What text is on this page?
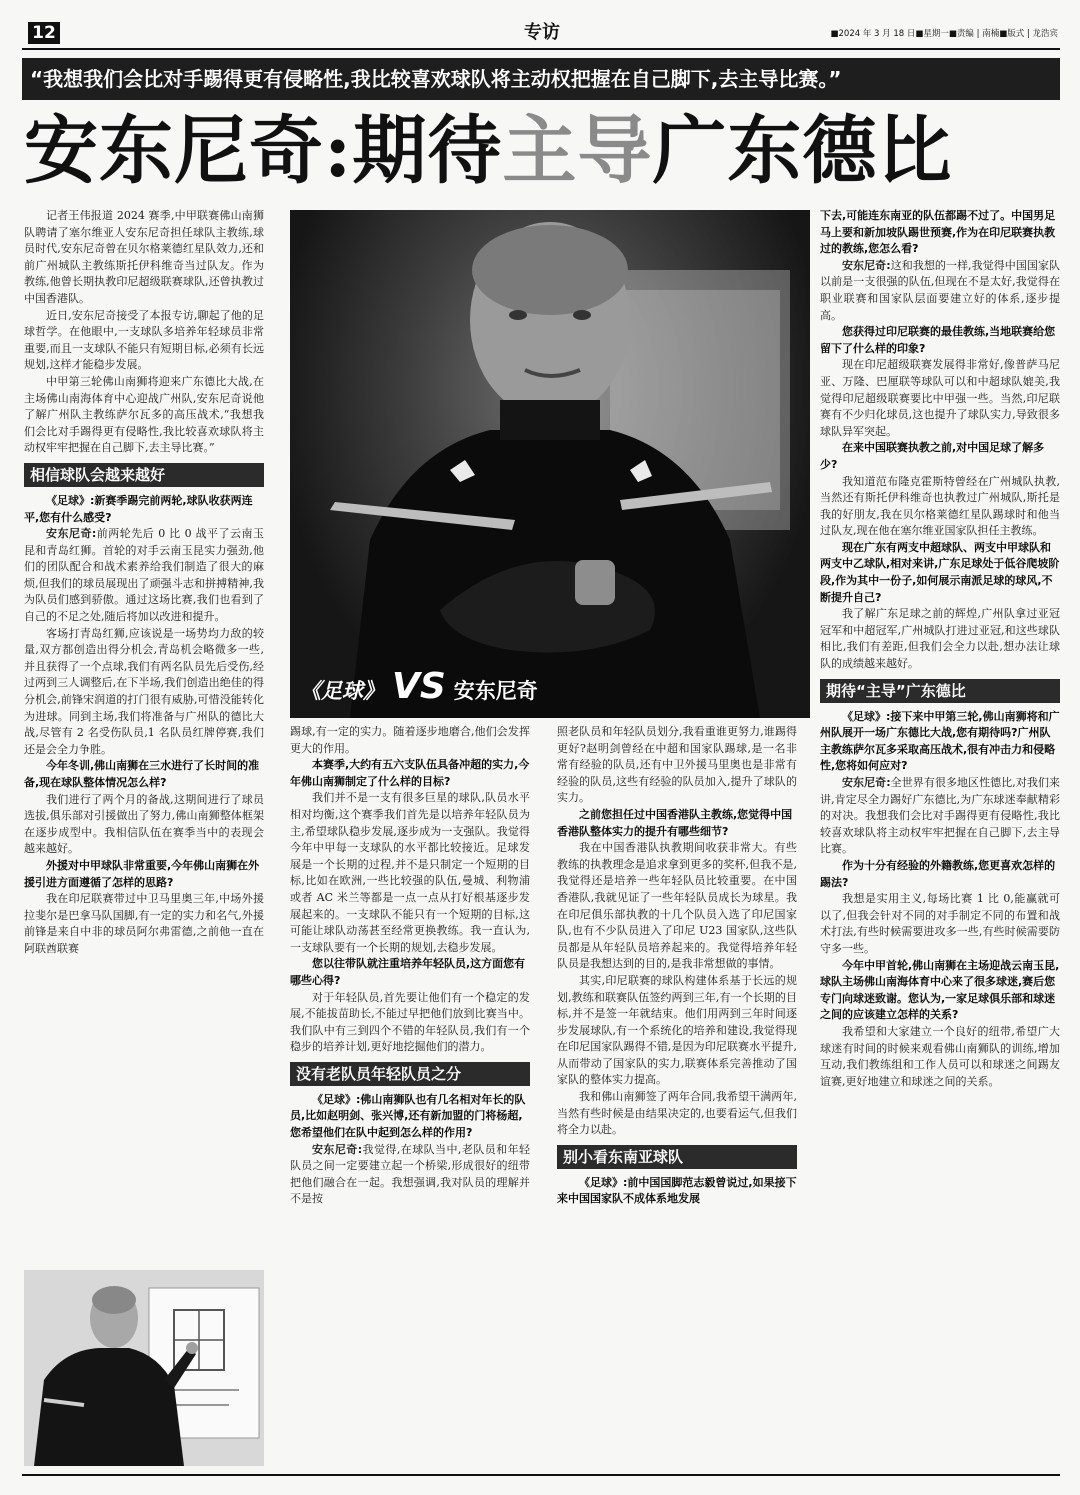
12	专访	■2024 年 3 月 18 日■星期一■责编 | 南楠■版式 | 龙浩宾
“我想我们会比对手踢得更有侵略性,我比较喜欢球队将主动权把握在自己脚下,去主导比赛。”
安东尼奇:期待主导广东德比
《足球》 VS 安东尼奇

记者王伟报道 2024 赛季,中甲联赛佛山南狮队聘请了塞尔维亚人安东尼奇担任球队主教练,球员时代,安东尼奇曾在贝尔格莱德红星队效力,还和前广州城队主教练斯托伊科维奇当过队友。作为教练,他曾长期执教印尼超级联赛球队,还曾执教过中国香港队。

近日,安东尼奇接受了本报专访,聊起了他的足球哲学。在他眼中,一支球队多培养年轻球员非常重要,而且一支球队不能只有短期目标,必须有长远规划,这样才能稳步发展。

中甲第三轮佛山南狮将迎来广东德比大战,在主场佛山南海体育中心迎战广州队,安东尼奇说他了解广州队主教练萨尔瓦多的高压战术,“我想我们会比对手踢得更有侵略性,我比较喜欢球队将主动权牢牢把握在自己脚下,去主导比赛。”

相信球队会越来越好

《足球》:新赛季踢完前两轮,球队收获两连平,您有什么感受?

安东尼奇:前两轮先后 0 比 0 战平了云南玉昆和青岛红狮。首轮的对手云南玉昆实力强劲,他们的团队配合和战术素养给我们制造了很大的麻烦,但我们的球员展现出了顽强斗志和拼搏精神,我为队员们感到骄傲。通过这场比赛,我们也看到了自己的不足之处,随后将加以改进和提升。

客场打青岛红狮,应该说是一场势均力敌的较量,双方都创造出得分机会,青岛机会略微多一些,并且获得了一个点球,我们有两名队员先后受伤,经过两到三人调整后,在下半场,我们创造出绝佳的得分机会,前锋宋润道的打门很有威胁,可惜没能转化为进球。同到主场,我们将准备与广州队的德比大战,尽管有 2 名受伤队员,1 名队员红牌停赛,我们还是会全力争胜。

今年冬训,佛山南狮在三水进行了长时间的准备,现在球队整体情况怎么样?

我们进行了两个月的备战,这期间进行了球员选拔,俱乐部对引援做出了努力,佛山南狮整体框架在逐步成型中。我相信队伍在赛季当中的表现会越来越好。

外援对中甲球队非常重要,今年佛山南狮在外援引进方面遵循了怎样的思路?

我在印尼联赛带过中卫马里奥三年,中场外援拉斐尔是巴拿马队国脚,有一定的实力和名气,外援前锋是来自中非的球员阿尔弗雷德,之前他一直在阿联酋联赛

踢球,有一定的实力。随着逐步地磨合,他们会发挥更大的作用。

本赛季,大约有五六支队伍具备冲超的实力,今年佛山南狮制定了什么样的目标?

我们并不是一支有很多巨星的球队,队员水平相对均衡,这个赛季我们首先是以培养年轻队员为主,希望球队稳步发展,逐步成为一支强队。我觉得今年中甲每一支球队的水平都比较接近。足球发展是一个长期的过程,并不是只制定一个短期的目标,比如在欧洲,一些比较强的队伍,曼城、利物浦或者 AC 米兰等都是一点一点从打好根基逐步发展起来的。一支球队不能只有一个短期的目标,这可能让球队动荡甚至经常更换教练。我一直认为,一支球队要有一个长期的规划,去稳步发展。

您以往带队就注重培养年轻队员,这方面您有哪些心得?

对于年轻队员,首先要让他们有一个稳定的发展,不能拔苗助长,不能过早把他们放到比赛当中。我们队中有三到四个不错的年轻队员,我们有一个稳步的培养计划,更好地挖掘他们的潜力。

没有老队员年轻队员之分

《足球》:佛山南狮队也有几名相对年长的队员,比如赵明剑、张兴博,还有新加盟的门将杨超,您希望他们在队中起到怎么样的作用?

安东尼奇:我觉得,在球队当中,老队员和年轻队员之间一定要建立起一个桥梁,形成很好的纽带把他们融合在一起。我想强调,我对队员的理解并不是按

照老队员和年轻队员划分,我看重谁更努力,谁踢得更好?赵明剑曾经在中超和国家队踢球,是一名非常有经验的队员,还有中卫外援马里奥也是非常有经验的队员,这些有经验的队员加入,提升了球队的实力。

之前您担任过中国香港队主教练,您觉得中国香港队整体实力的提升有哪些细节?

我在中国香港队执教期间收获非常大。有些教练的执教理念是追求拿到更多的奖杯,但我不是,我觉得还是培养一些年轻队员比较重要。在中国香港队,我就见证了一些年轻队员成长为球星。我在印尼俱乐部执教的十几个队员入选了印尼国家队,也有不少队员进入了印尼 U23 国家队,这些队员都是从年轻队员培养起来的。我觉得培养年轻队员是我想达到的目的,是我非常想做的事情。

其实,印尼联赛的球队构建体系基于长远的规划,教练和联赛队伍签约两到三年,有一个长期的目标,并不是签一年就结束。他们用两到三年时间逐步发展球队,有一个系统化的培养和建设,我觉得现在印尼国家队踢得不错,是因为印尼联赛水平提升,从而带动了国家队的实力,联赛体系完善推动了国家队的整体实力提高。

我和佛山南狮签了两年合同,我希望干满两年,当然有些时候是由结果决定的,也要看运气,但我们将全力以赴。

别小看东南亚球队

《足球》:前中国国脚范志毅曾说过,如果接下来中国国家队不成体系地发展

下去,可能连东南亚的队伍都踢不过了。中国男足马上要和新加坡队踢世预赛,作为在印尼联赛执教过的教练,您怎么看?

安东尼奇:这和我想的一样,我觉得中国国家队以前是一支很强的队伍,但现在不是太好,我觉得在职业联赛和国家队层面要建立好的体系,逐步提高。

您获得过印尼联赛的最佳教练,当地联赛给您留下了什么样的印象?

现在印尼超级联赛发展得非常好,像普萨马尼亚、万隆、巴厘联等球队可以和中超球队媲美,我觉得印尼超级联赛要比中甲强一些。当然,印尼联赛有不少归化球员,这也提升了球队实力,导致很多球队异军突起。

在来中国联赛执教之前,对中国足球了解多少?

我知道范布隆克霍斯特曾经在广州城队执教,当然还有斯托伊科维奇也执教过广州城队,斯托是我的好朋友,我在贝尔格莱德红星队踢球时和他当过队友,现在他在塞尔维亚国家队担任主教练。

现在广东有两支中超球队、两支中甲球队和两支中乙球队,相对来讲,广东足球处于低谷爬坡阶段,作为其中一份子,如何展示南派足球的球风,不断提升自己?

我了解广东足球之前的辉煌,广州队拿过亚冠冠军和中超冠军,广州城队打进过亚冠,和这些球队相比,我们有差距,但我们会全力以赴,想办法让球队的成绩越来越好。

期待“主导”广东德比

《足球》:接下来中甲第三轮,佛山南狮将和广州队展开一场广东德比大战,您有期待吗?广州队主教练萨尔瓦多采取高压战术,很有冲击力和侵略性,您将如何应对?

安东尼奇:全世界有很多地区性德比,对我们来讲,肯定尽全力踢好广东德比,为广东球迷奉献精彩的对决。我想我们会比对手踢得更有侵略性,我比较喜欢球队将主动权牢牢把握在自己脚下,去主导比赛。

作为十分有经验的外籍教练,您更喜欢怎样的踢法?

我想是实用主义,每场比赛 1 比 0,能赢就可以了,但我会针对不同的对手制定不同的布置和战术打法,有些时候需要进攻多一些,有些时候需要防守多一些。

今年中甲首轮,佛山南狮在主场迎战云南玉昆,球队主场佛山南海体育中心来了很多球迷,赛后您专门向球迷致谢。您认为,一家足球俱乐部和球迷之间的应该建立怎样的关系?

我希望和大家建立一个良好的纽带,希望广大球迷有时间的时候来观看佛山南狮队的训练,增加互动,我们教练组和工作人员可以和球迷之间踢友谊赛,更好地建立和球迷之间的关系。
